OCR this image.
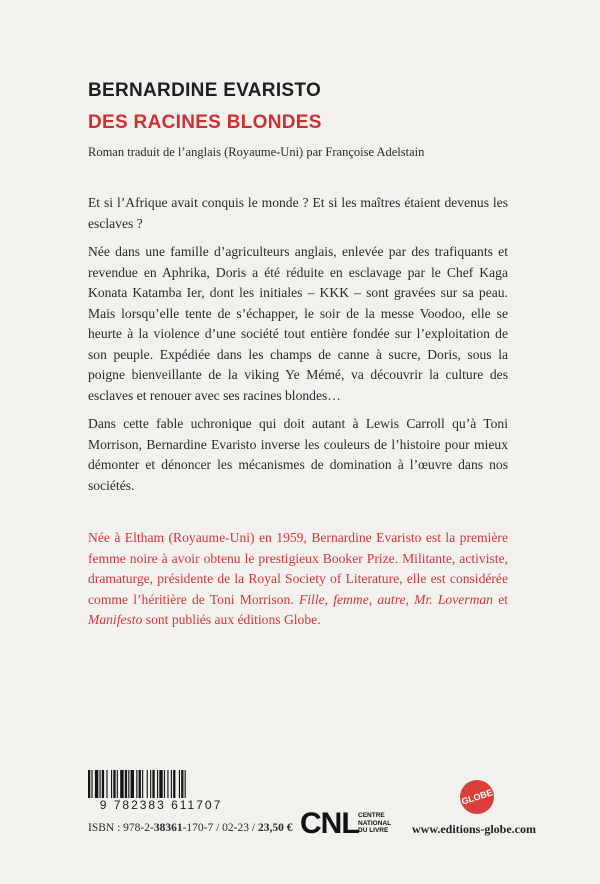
BERNARDINE EVARISTO
DES RACINES BLONDES

Roman traduit de l’anglais (Royaume-Uni) par Françoise Adelstain

Et si l’Afrique avait conquis le monde ? Et si les maîtres étaient devenus les esclaves ?

Née dans une famille d’agriculteurs anglais, enlevée par des trafiquants et revendue en Aphrika, Doris a été réduite en esclavage par le Chef Kaga Konata Katamba Ier, dont les initiales – KKK – sont gravées sur sa peau. Mais lorsqu’elle tente de s’échapper, le soir de la messe Voodoo, elle se heurte à la violence d’une société tout entière fondée sur l’exploitation de son peuple. Expédiée dans les champs de canne à sucre, Doris, sous la poigne bienveillante de la viking Ye Mémé, va découvrir la culture des esclaves et renouer avec ses racines blondes…

Dans cette fable uchronique qui doit autant à Lewis Carroll qu’à Toni Morrison, Bernardine Evaristo inverse les couleurs de l’histoire pour mieux démonter et dénoncer les mécanismes de domination à l’œuvre dans nos sociétés.

Née à Eltham (Royaume-Uni) en 1959, Bernardine Evaristo est la première femme noire à avoir obtenu le prestigieux Booker Prize. Militante, activiste, dramaturge, présidente de la Royal Society of Literature, elle est considérée comme l’héritière de Toni Morrison. Fille, femme, autre, Mr. Loverman et Manifesto sont publiés aux éditions Globe.

9 782383 611707
ISBN : 978-2-38361-170-7 / 02-23 / 23,50 € CNL CENTRE
NATIONAL
DU LIVRE
GLOBE
www.editions-globe.com
